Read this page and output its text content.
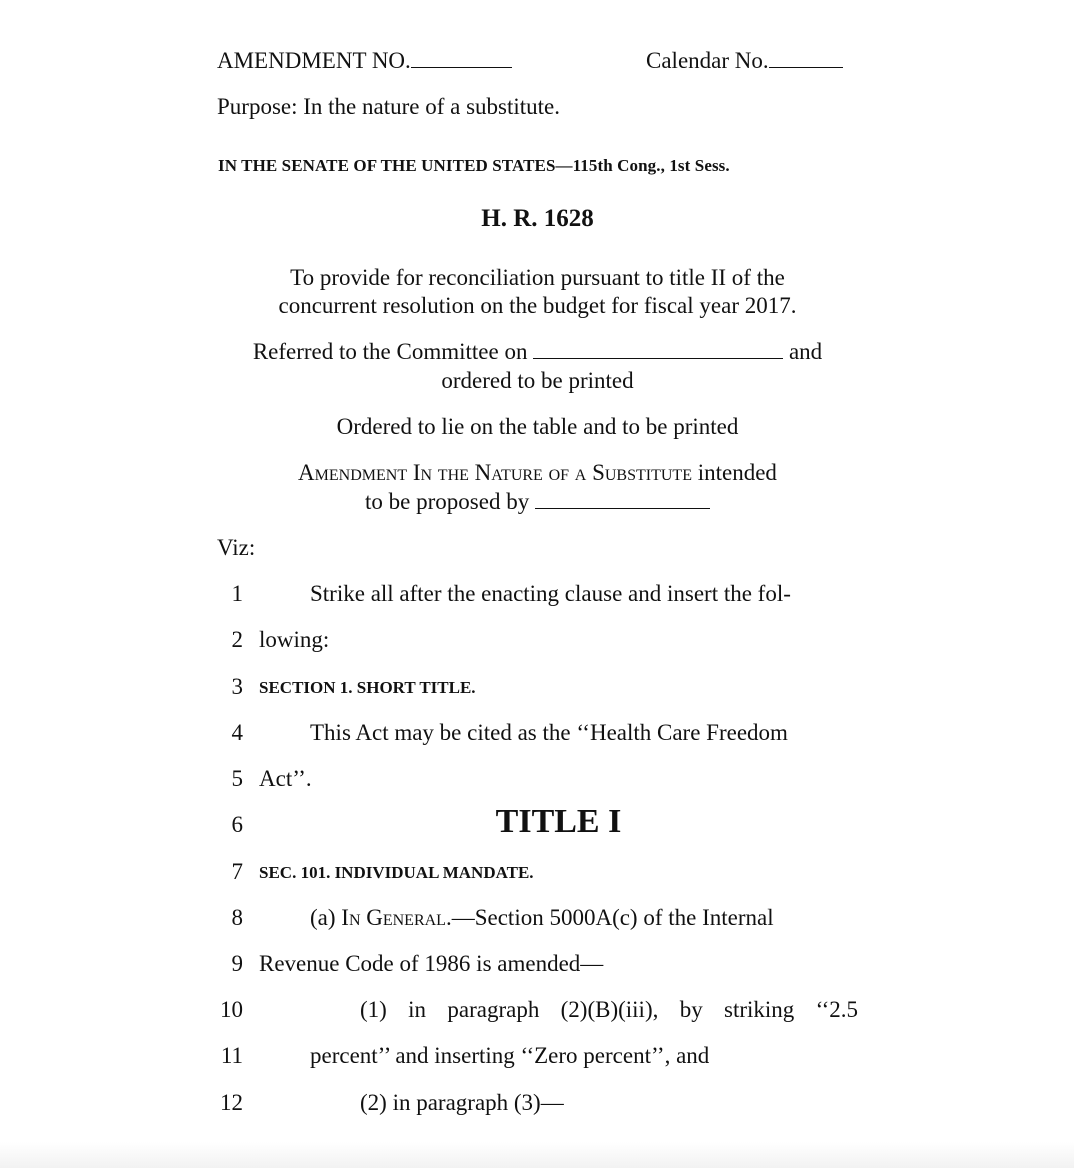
AMENDMENT NO.	Calendar No.
Purpose: In the nature of a substitute.
IN THE SENATE OF THE UNITED STATES—115th Cong., 1st Sess.
H. R. 1628
To provide for reconciliation pursuant to title II of the
concurrent resolution on the budget for fiscal year 2017.
Referred to the Committee on	and
ordered to be printed
Ordered to lie on the table and to be printed
Amendment In the Nature of a Substitute intended
to be proposed by
Viz:
1	Strike all after the enacting clause and insert the fol-
2 lowing:
3 SECTION 1. SHORT TITLE.
4	This Act may be cited as the ‘‘Health Care Freedom
5 Act’’.
6	TITLE I
7 SEC. 101. INDIVIDUAL MANDATE.
8	(a) In General.—Section 5000A(c) of the Internal
9 Revenue Code of 1986 is amended—
10	(1) in paragraph (2)(B)(iii), by striking ‘‘2.5
11	percent’’ and inserting ‘‘Zero percent’’, and
12	(2) in paragraph (3)—
